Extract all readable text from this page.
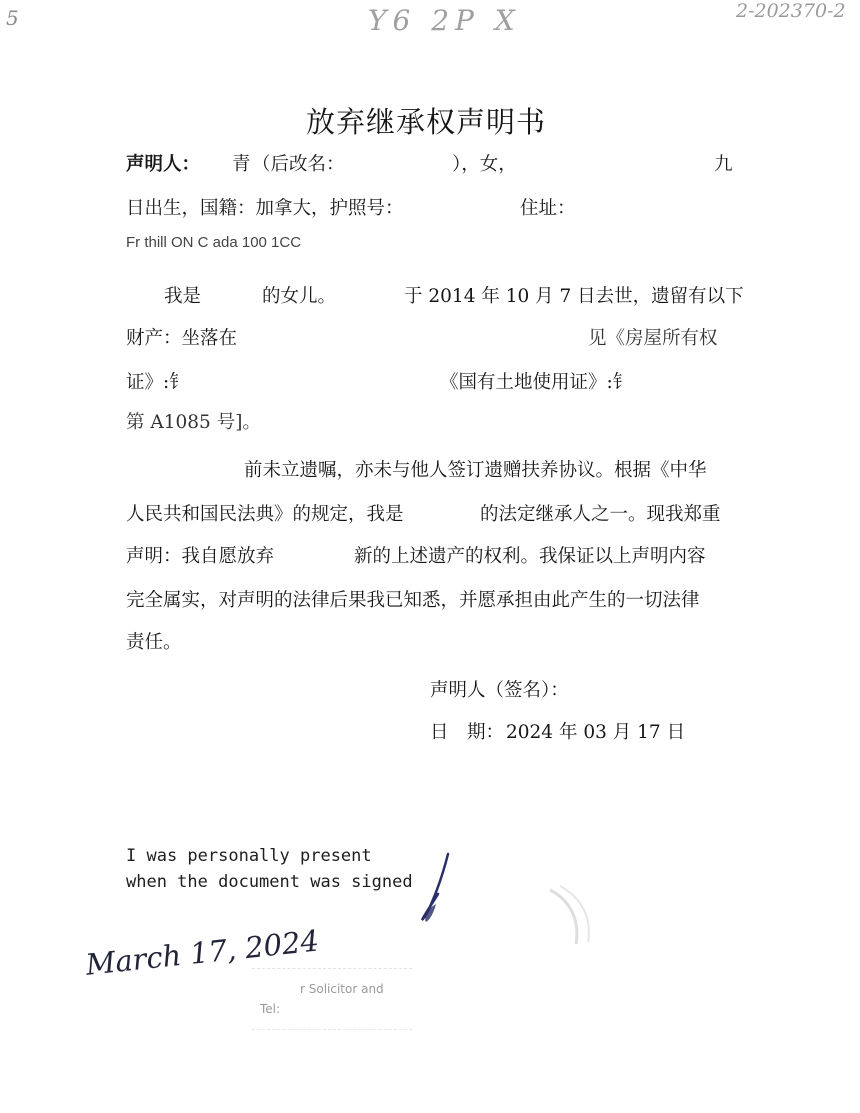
5	Y6 2P X	2-202370-2
放弃继承权声明书
声明人： 青 （后改名：	），女，	九
日出生，国籍：加拿大，护照号：	住址：
Fr thill ON C ada 100 1CC
我是	的女儿。	于 2014 年 10 月 7 日去世，遗留有以下
财产：坐落在	见《房屋所有权
证》:钅	《国有土地使用证》:钅
第 A1085 号]。
前未立遗嘱，亦未与他人签订遗赠扶养协议。根据《中华
人民共和国民法典》的规定，我是	的法定继承人之一。现我郑重
声明：我自愿放弃	新的上述遗产的权利。我保证以上声明内容
完全属实，对声明的法律后果我已知悉，并愿承担由此产生的一切法律
责任。
声明人（签名）：
日　期： 2024 年 03 月 17 日
I was personally present
when the document was signed
March 17, 2024
r Solicitor and
Tel:
